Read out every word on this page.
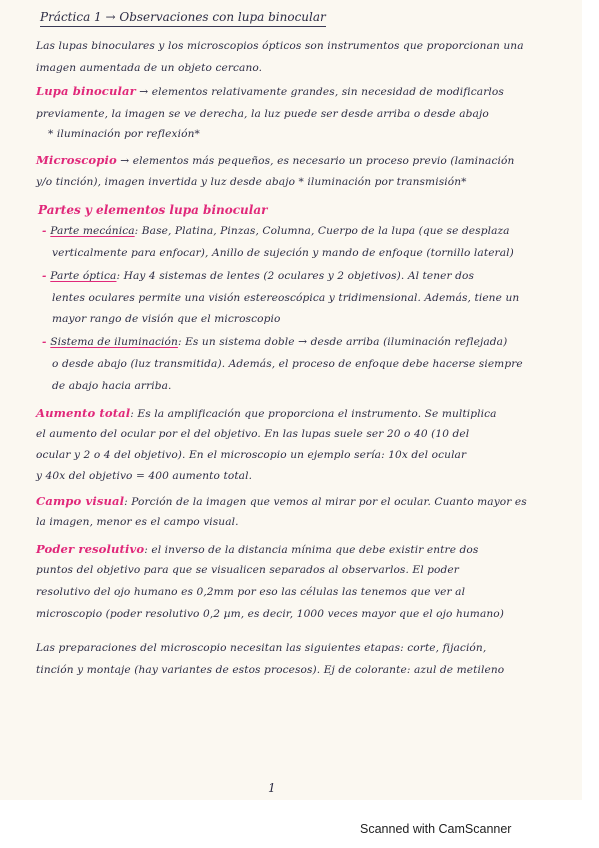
Práctica 1 → Observaciones con lupa binocular
Las lupas binoculares y los microscopios ópticos son instrumentos que proporcionan una
imagen aumentada de un objeto cercano.
Lupa binocular → elementos relativamente grandes, sin necesidad de modificarlos
previamente, la imagen se ve derecha, la luz puede ser desde arriba o desde abajo
* iluminación por reflexión*
Microscopio → elementos más pequeños, es necesario un proceso previo (laminación
y/o tinción), imagen invertida y luz desde abajo * iluminación por transmisión*
Partes y elementos lupa binocular
- Parte mecánica: Base, Platina, Pinzas, Columna, Cuerpo de la lupa (que se desplaza
verticalmente para enfocar), Anillo de sujeción y mando de enfoque (tornillo lateral)
- Parte óptica: Hay 4 sistemas de lentes (2 oculares y 2 objetivos). Al tener dos
lentes oculares permite una visión estereoscópica y tridimensional. Además, tiene un
mayor rango de visión que el microscopio
- Sistema de iluminación: Es un sistema doble → desde arriba (iluminación reflejada)
o desde abajo (luz transmitida). Además, el proceso de enfoque debe hacerse siempre
de abajo hacia arriba.
Aumento total: Es la amplificación que proporciona el instrumento. Se multiplica
el aumento del ocular por el del objetivo. En las lupas suele ser 20 o 40 (10 del
ocular y 2 o 4 del objetivo). En el microscopio un ejemplo sería: 10x del ocular
y 40x del objetivo = 400 aumento total.
Campo visual: Porción de la imagen que vemos al mirar por el ocular. Cuanto mayor es
la imagen, menor es el campo visual.
Poder resolutivo: el inverso de la distancia mínima que debe existir entre dos
puntos del objetivo para que se visualicen separados al observarlos. El poder
resolutivo del ojo humano es 0,2mm por eso las células las tenemos que ver al
microscopio (poder resolutivo 0,2 µm, es decir, 1000 veces mayor que el ojo humano)
Las preparaciones del microscopio necesitan las siguientes etapas: corte, fijación,
tinción y montaje (hay variantes de estos procesos). Ej de colorante: azul de metileno
1
Scanned with CamScanner
